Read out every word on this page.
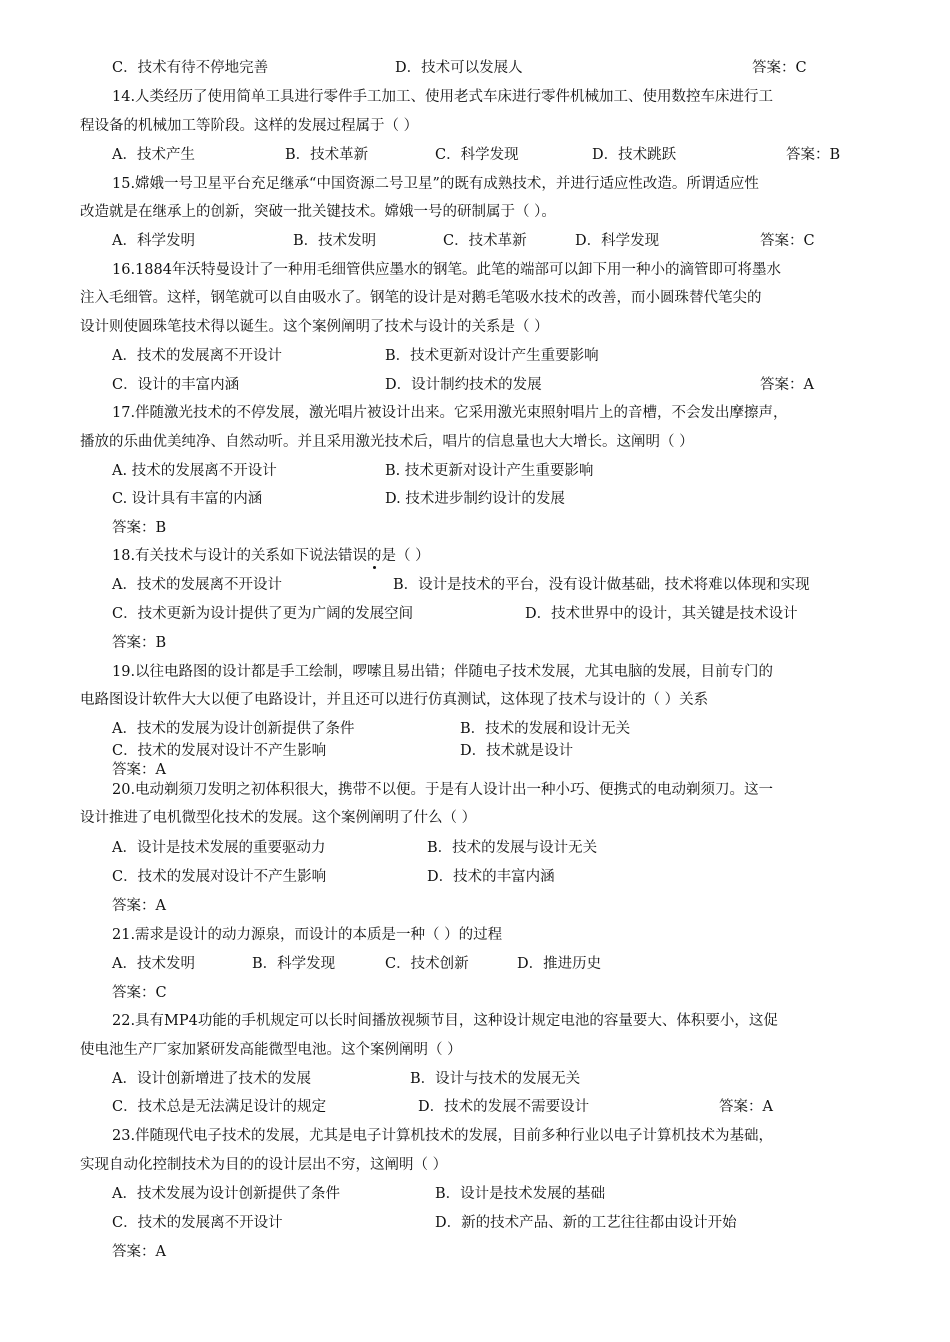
C．技术有待不停地完善	D．技术可以发展人	答案：C
14.人类经历了使用简单工具进行零件手工加工、使用老式车床进行零件机械加工、使用数控车床进行工
程设备的机械加工等阶段。这样的发展过程属于（ ）
A．技术产生	B．技术革新	C．科学发现	D．技术跳跃	答案：B
15.嫦娥一号卫星平台充足继承“中国资源二号卫星”的既有成熟技术，并进行适应性改造。所谓适应性
改造就是在继承上的创新，突破一批关键技术。嫦娥一号的研制属于（ ）。
A．科学发明	B．技术发明	C．技术革新	D．科学发现	答案：C
16.1884年沃特曼设计了一种用毛细管供应墨水的钢笔。此笔的端部可以卸下用一种小的滴管即可将墨水
注入毛细管。这样，钢笔就可以自由吸水了。钢笔的设计是对鹅毛笔吸水技术的改善，而小圆珠替代笔尖的
设计则使圆珠笔技术得以诞生。这个案例阐明了技术与设计的关系是（ ）
A．技术的发展离不开设计	B．技术更新对设计产生重要影响
C．设计的丰富内涵	D．设计制约技术的发展	答案：A
17.伴随激光技术的不停发展，激光唱片被设计出来。它采用激光束照射唱片上的音槽，不会发出摩擦声，
播放的乐曲优美纯净、自然动听。并且采用激光技术后，唱片的信息量也大大增长。这阐明（ ）
A. 技术的发展离不开设计	B. 技术更新对设计产生重要影响
C. 设计具有丰富的内涵	D. 技术进步制约设计的发展
答案：B
18.有关技术与设计的关系如下说法错误的是（ ）
A．技术的发展离不开设计	B．设计是技术的平台，没有设计做基础，技术将难以体现和实现
C．技术更新为设计提供了更为广阔的发展空间	D．技术世界中的设计，其关键是技术设计
答案：B
19.以往电路图的设计都是手工绘制，啰嗦且易出错；伴随电子技术发展，尤其电脑的发展，目前专门的
电路图设计软件大大以便了电路设计，并且还可以进行仿真测试，这体现了技术与设计的（ ）关系
A．技术的发展为设计创新提供了条件	B．技术的发展和设计无关
C．技术的发展对设计不产生影响	D．技术就是设计
答案：A
20.电动剃须刀发明之初体积很大，携带不以便。于是有人设计出一种小巧、便携式的电动剃须刀。这一
设计推进了电机微型化技术的发展。这个案例阐明了什么（ ）
A．设计是技术发展的重要驱动力	B．技术的发展与设计无关
C．技术的发展对设计不产生影响	D．技术的丰富内涵
答案：A
21.需求是设计的动力源泉，而设计的本质是一种（ ）的过程
A．技术发明	B．科学发现	C．技术创新	D．推进历史
答案：C
22.具有MP4功能的手机规定可以长时间播放视频节目，这种设计规定电池的容量要大、体积要小，这促
使电池生产厂家加紧研发高能微型电池。这个案例阐明（ ）
A．设计创新增进了技术的发展	B．设计与技术的发展无关
C．技术总是无法满足设计的规定	D．技术的发展不需要设计	答案：A
23.伴随现代电子技术的发展，尤其是电子计算机技术的发展，目前多种行业以电子计算机技术为基础，
实现自动化控制技术为目的的设计层出不穷，这阐明（ ）
A．技术发展为设计创新提供了条件	B．设计是技术发展的基础
C．技术的发展离不开设计	D．新的技术产品、新的工艺往往都由设计开始
答案：A
